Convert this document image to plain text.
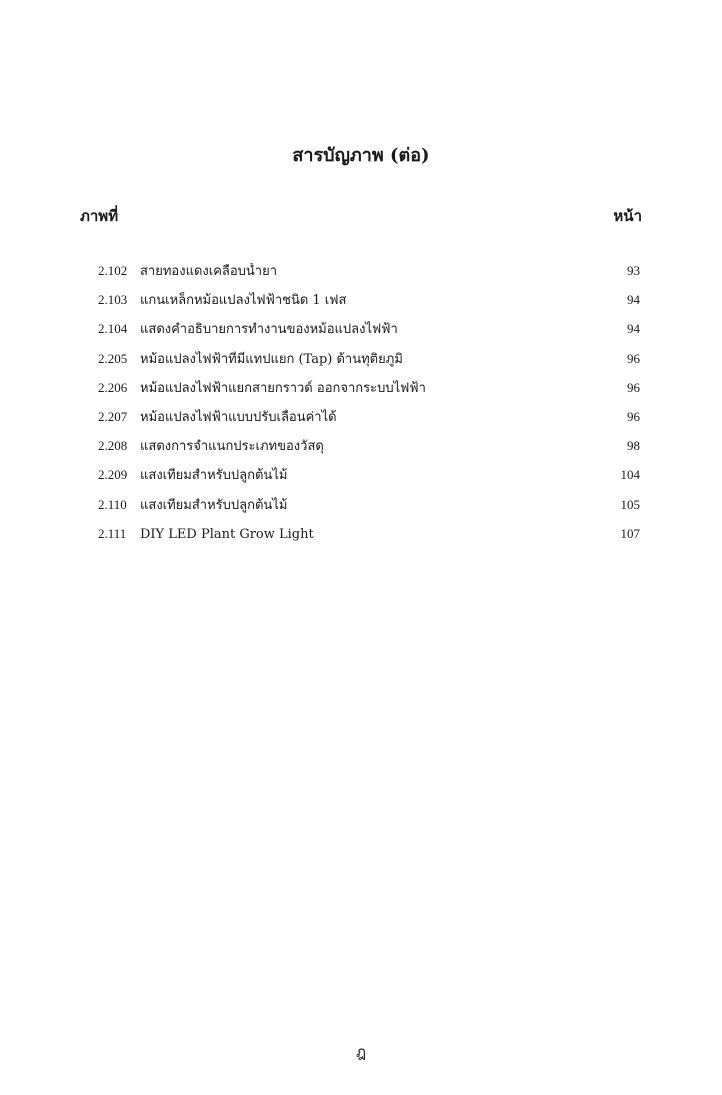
สารบัญภาพ (ต่อ)
ภาพที่	หน้า
2.102 สายทองแดงเคลือบน้ำยา	93
2.103 แกนเหล็กหม้อแปลงไฟฟ้าชนิด 1 เฟส	94
2.104 แสดงคำอธิบายการทำงานของหม้อแปลงไฟฟ้า	94
2.205 หม้อแปลงไฟฟ้าที่มีแทปแยก (Tap) ด้านทุติยภูมิ	96
2.206 หม้อแปลงไฟฟ้าแยกสายกราวด์ ออกจากระบบไฟฟ้า	96
2.207 หม้อแปลงไฟฟ้าแบบปรับเลื่อนค่าได้	96
2.208 แสดงการจำแนกประเภทของวัสดุ	98
2.209 แสงเทียมสำหรับปลูกต้นไม้	104
2.110	แสงเทียมสำหรับปลูกต้นไม้	105
2.111	DIY LED Plant Grow Light	107
ฎ
